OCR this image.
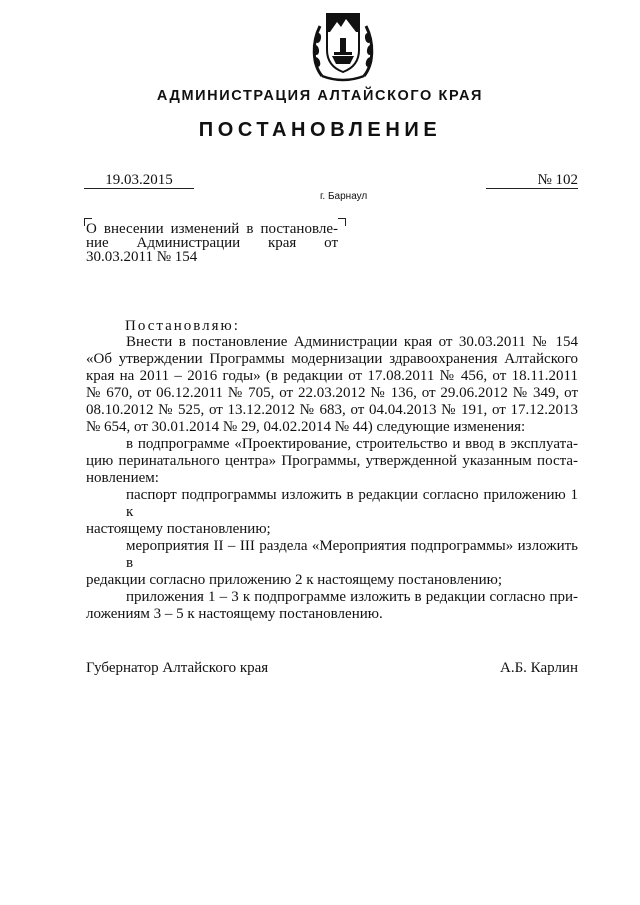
АДМИНИСТРАЦИЯ АЛТАЙСКОГО КРАЯ
ПОСТАНОВЛЕНИЕ
19.03.2015	№ 102
г. Барнаул
О внесении изменений в постановле-
ние Администрации края от
30.03.2011 № 154
Постановляю:
Внести в постановление Администрации края от 30.03.2011 № 154
«Об утверждении Программы модернизации здравоохранения Алтайского
края на 2011 – 2016 годы» (в редакции от 17.08.2011 № 456, от 18.11.2011
№ 670, от 06.12.2011 № 705, от 22.03.2012 № 136, от 29.06.2012 № 349, от
08.10.2012 № 525, от 13.12.2012 № 683, от 04.04.2013 № 191, от 17.12.2013
№ 654, от 30.01.2014 № 29, 04.02.2014 № 44) следующие изменения:
в подпрограмме «Проектирование, строительство и ввод в эксплуата-
цию перинатального центра» Программы, утвержденной указанным поста-
новлением:
паспорт подпрограммы изложить в редакции согласно приложению 1 к
настоящему постановлению;
мероприятия II – III раздела «Мероприятия подпрограммы» изложить в
редакции согласно приложению 2 к настоящему постановлению;
приложения 1 – 3 к подпрограмме изложить в редакции согласно при-
ложениям 3 – 5 к настоящему постановлению.
Губернатор Алтайского края	А.Б. Карлин
